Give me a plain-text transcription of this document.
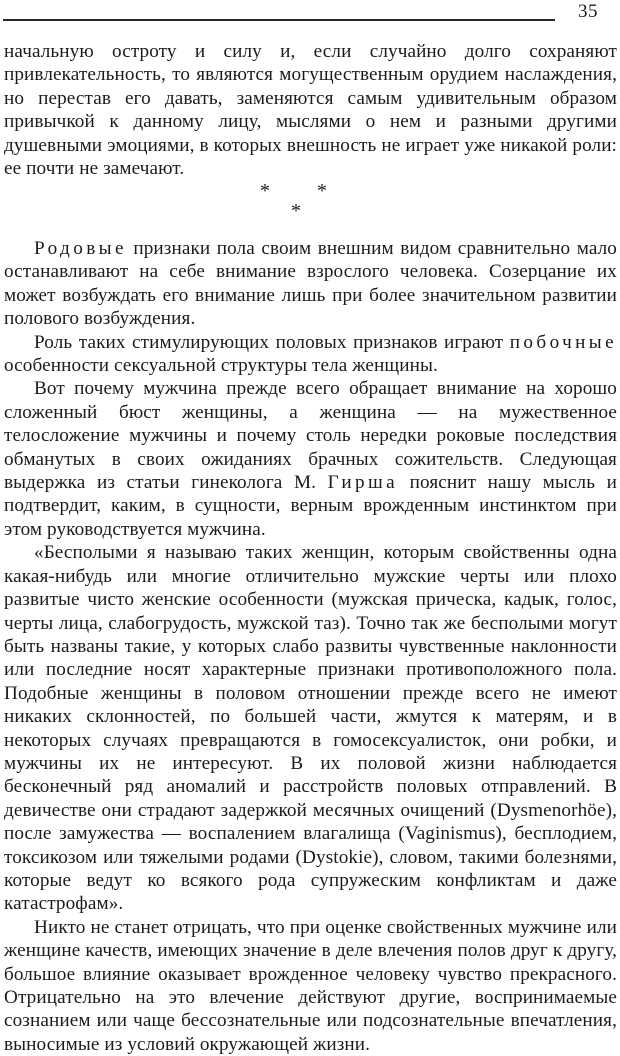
35

начальную остроту и силу и, если случайно долго сохраняют привлекательность, то являются могущественным орудием наслаждения, но перестав его давать, заменяются самым удивительным образом привычкой к данному лицу, мыслями о нем и разными другими душевными эмоциями, в которых внешность не играет уже никакой роли: ее почти не замечают.

* *
*

Родовые признаки пола своим внешним видом сравнительно мало останавливают на себе внимание взрослого человека. Созерцание их может возбуждать его внимание лишь при более значительном развитии полового возбуждения.

Роль таких стимулирующих половых признаков играют побочные особенности сексуальной структуры тела женщины.

Вот почему мужчина прежде всего обращает внимание на хорошо сложенный бюст женщины, а женщина — на мужественное телосложение мужчины и почему столь нередки роковые последствия обманутых в своих ожиданиях брачных сожительств. Следующая выдержка из статьи гинеколога М. Гирша пояснит нашу мысль и подтвердит, каким, в сущности, верным врожденным инстинктом при этом руководствуется мужчина.

«Бесполыми я называю таких женщин, которым свойственны одна какая-нибудь или многие отличительно мужские черты или плохо развитые чисто женские особенности (мужская прическа, кадык, голос, черты лица, слабогрудость, мужской таз). Точно так же бесполыми могут быть названы такие, у которых слабо развиты чувственные наклонности или последние носят характерные признаки противоположного пола. Подобные женщины в половом отношении прежде всего не имеют никаких склонностей, по большей части, жмутся к матерям, и в некоторых случаях превращаются в гомосексуалисток, они робки, и мужчины их не интересуют. В их половой жизни наблюдается бесконечный ряд аномалий и расстройств половых отправлений. В девичестве они страдают задержкой месячных очищений (Dysmenorhöe), после замужества — воспалением влагалища (Vaginismus), бесплодием, токсикозом или тяжелыми родами (Dystokie), словом, такими болезнями, которые ведут ко всякого рода супружеским конфликтам и даже катастрофам».

Никто не станет отрицать, что при оценке свойственных мужчине или женщине качеств, имеющих значение в деле влечения полов друг к другу, большое влияние оказывает врожденное человеку чувство прекрасного. Отрицательно на это влечение действуют другие, воспринимаемые сознанием или чаще бессознательные или подсознательные впечатления, выносимые из условий окружающей жизни.
